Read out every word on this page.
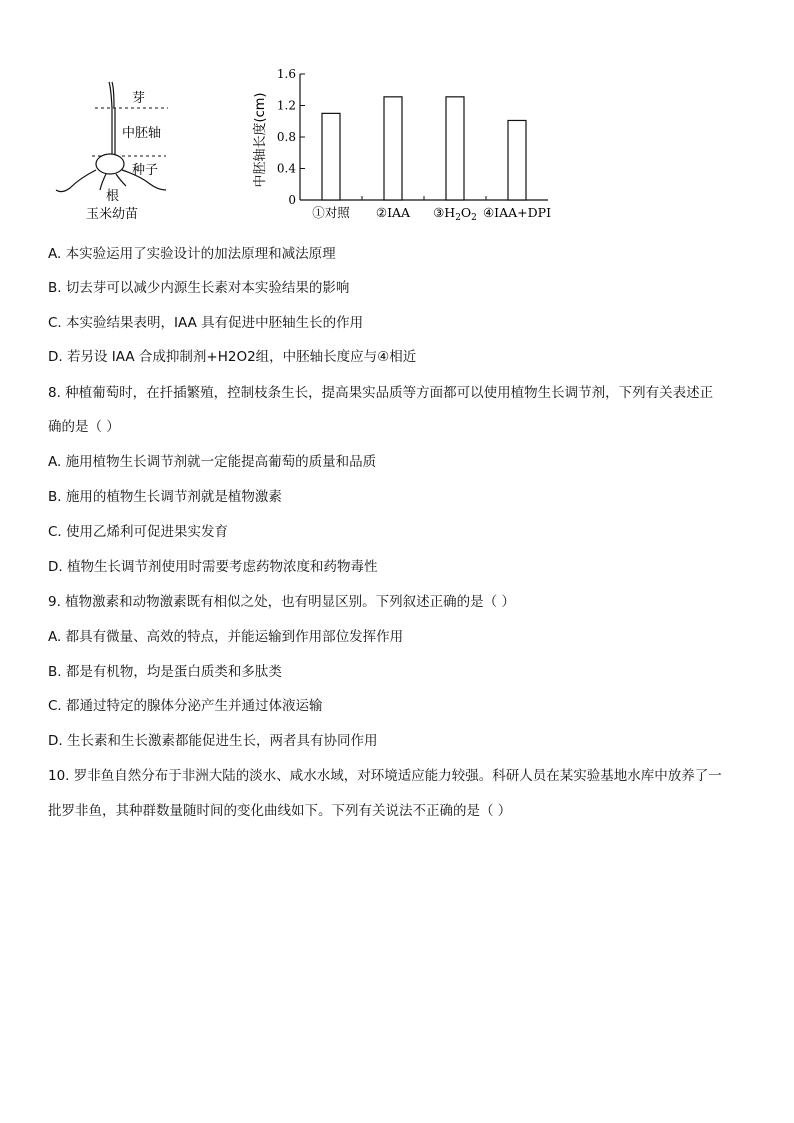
芽
中胚轴
种子
根
玉米幼苗
中胚轴长度(cm)
0
0.4
0.8
1.2
1.6
①对照 ②IAA $③H_2O_2$ ④IAA+DPI
A. 本实验运用了实验设计的加法原理和减法原理
B. 切去芽可以减少内源生长素对本实验结果的影响
C. 本实验结果表明，IAA 具有促进中胚轴生长的作用
D. 若另设 IAA 合成抑制剂+H2O2组，中胚轴长度应与④相近
8. 种植葡萄时，在扦插繁殖，控制枝条生长，提高果实品质等方面都可以使用植物生长调节剂，下列有关表述正
确的是（ ）
A. 施用植物生长调节剂就一定能提高葡萄的质量和品质
B. 施用的植物生长调节剂就是植物激素
C. 使用乙烯利可促进果实发育
D. 植物生长调节剂使用时需要考虑药物浓度和药物毒性
9. 植物激素和动物激素既有相似之处，也有明显区别。下列叙述正确的是（ ）
A. 都具有微量、高效的特点，并能运输到作用部位发挥作用
B. 都是有机物，均是蛋白质类和多肽类
C. 都通过特定的腺体分泌产生并通过体液运输
D. 生长素和生长激素都能促进生长，两者具有协同作用
10. 罗非鱼自然分布于非洲大陆的淡水、咸水水域，对环境适应能力较强。科研人员在某实验基地水库中放养了一
批罗非鱼，其种群数量随时间的变化曲线如下。下列有关说法不正确的是（ ）
